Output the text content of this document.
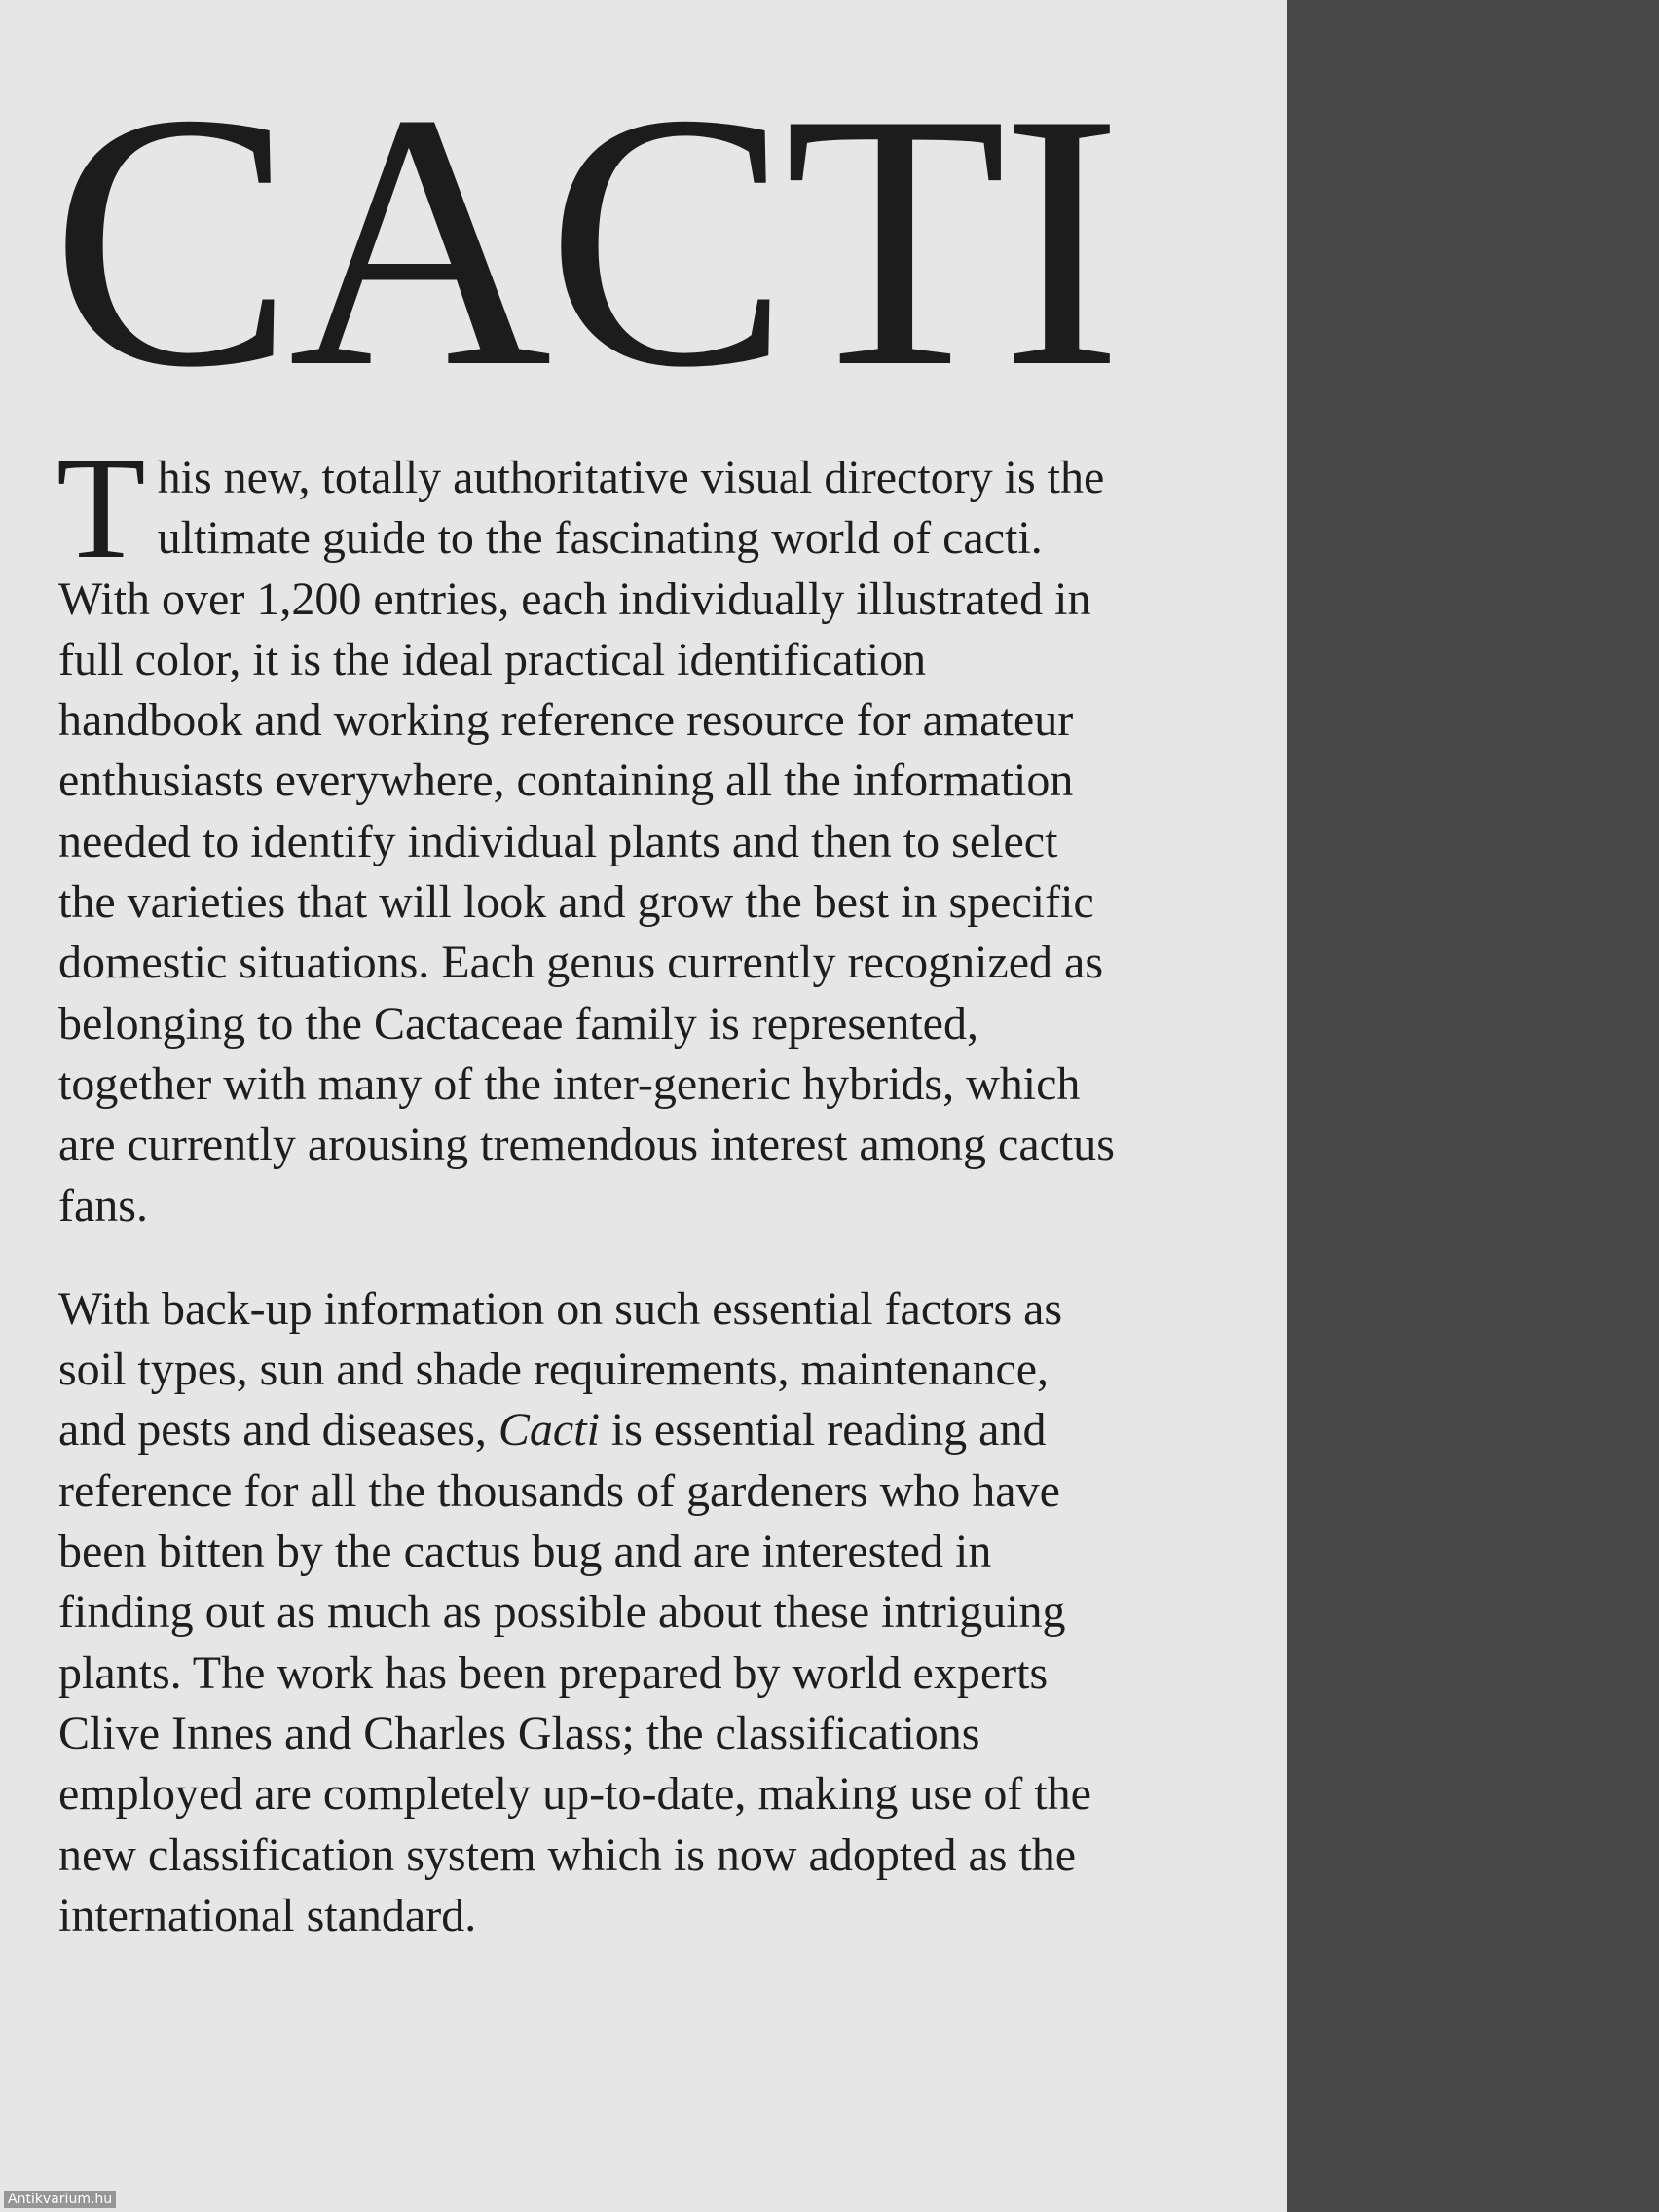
CACTI

This new, totally authoritative visual directory is the ultimate guide to the fascinating world of cacti. With over 1,200 entries, each individually illustrated in full color, it is the ideal practical identification handbook and working reference resource for amateur enthusiasts everywhere, containing all the information needed to identify individual plants and then to select the varieties that will look and grow the best in specific domestic situations. Each genus currently recognized as belonging to the Cactaceae family is represented, together with many of the inter-generic hybrids, which are currently arousing tremendous interest among cactus fans.

With back-up information on such essential factors as soil types, sun and shade requirements, maintenance, and pests and diseases, Cacti is essential reading and reference for all the thousands of gardeners who have been bitten by the cactus bug and are interested in finding out as much as possible about these intriguing plants. The work has been prepared by world experts Clive Innes and Charles Glass; the classifications employed are completely up-to-date, making use of the new classification system which is now adopted as the international standard.

Antikvarium.hu
